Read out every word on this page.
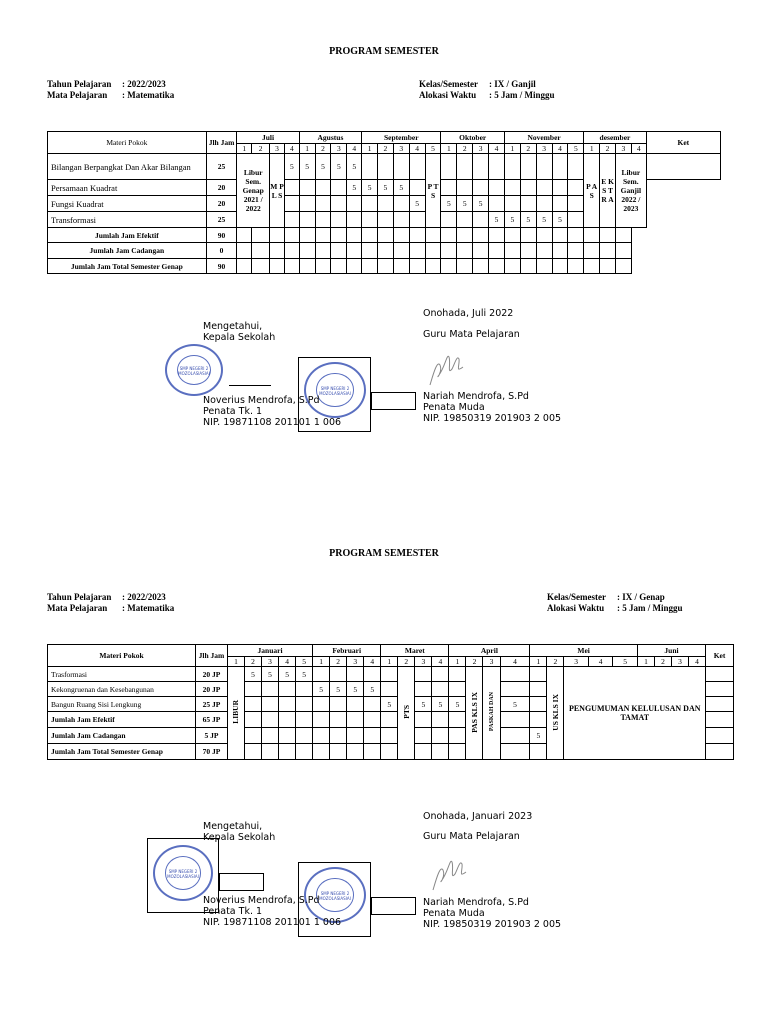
PROGRAM SEMESTER
Tahun Pelajaran : 2022/2023
Mata Pelajaran : Matematika
Kelas/Semester : IX / Ganjil
Alokasi Waktu : 5 Jam / Minggu
Materi Pokok	Jlh Jam	Juli				Agustus				September					Oktober				November					desember				Ket
		1	2	3	4	1	2	3	4	1	2	3	4	5	1	2	3	4	1	2	3	4	5	1	2	3	4	
Bilangan Berpangkat Dan Akar Bilangan	25	Libur Sem. Genap 2021 / 2022		M P L S	5	5	5	5	5					P T S										P A S	E K S T R A	Libur Sem. Ganjil 2022 / 2023		
Persamaan Kuadrat	20								5	5	5	5																
Fungsi Kuadrat	20												5		5	5	5											
Transformasi	25																	5	5	5	5	5						
Jumlah Jam Efektif	90																											
Jumlah Jam Cadangan	0																											
Jumlah Jam Total Semester Genap	90																											
Mengetahui,
Kepala Sekolah
Onohada, Juli 2022
Guru Mata Pelajaran
SMP NEGERI 2 MOZOLASIASIAI
SMP NEGERI 2 MOZOLASIASIAI
Noverius Mendrofa, S.Pd
Penata Tk. 1
NIP. 19871108 201101 1 006
Nariah Mendrofa, S.Pd
Penata Muda
NIP. 19850319 201903 2 005
PROGRAM SEMESTER
Tahun Pelajaran : 2022/2023
Mata Pelajaran : Matematika
Kelas/Semester : IX / Genap
Alokasi Waktu : 5 Jam / Minggu
Materi Pokok	Jlh Jam	Januari					Februari				Maret				April				Mei					Juni				Ket
		1	2	3	4	5	1	2	3	4	1	2	3	4	1	2	3	4	1	2	3	4	5	1	2	3	4	
Trasformasi	20 JP	LIBUR	5	5	5	5						PTS				PAS KLS IX	PASKAH DAN			US KLS IX	PENGUMUMAN KELULUSAN DAN TAMAT							
Kekongruenan dan Kesebangunan	20 JP						5	5	5	5																		
Bangun Ruang Sisi Lengkung	25 JP										5		5	5	5			5										
Jumlah Jam Efektif	65 JP																											
Jumlah Jam Cadangan	5 JP																		5									
Jumlah Jam Total Semester Genap	70 JP																											
Mengetahui,
Kepala Sekolah
Onohada, Januari 2023
Guru Mata Pelajaran
SMP NEGERI 2 MOZOLASIASIAI
SMP NEGERI 2 MOZOLASIASIAI
Noverius Mendrofa, S.Pd
Penata Tk. 1
NIP. 19871108 201101 1 006
Nariah Mendrofa, S.Pd
Penata Muda
NIP. 19850319 201903 2 005
